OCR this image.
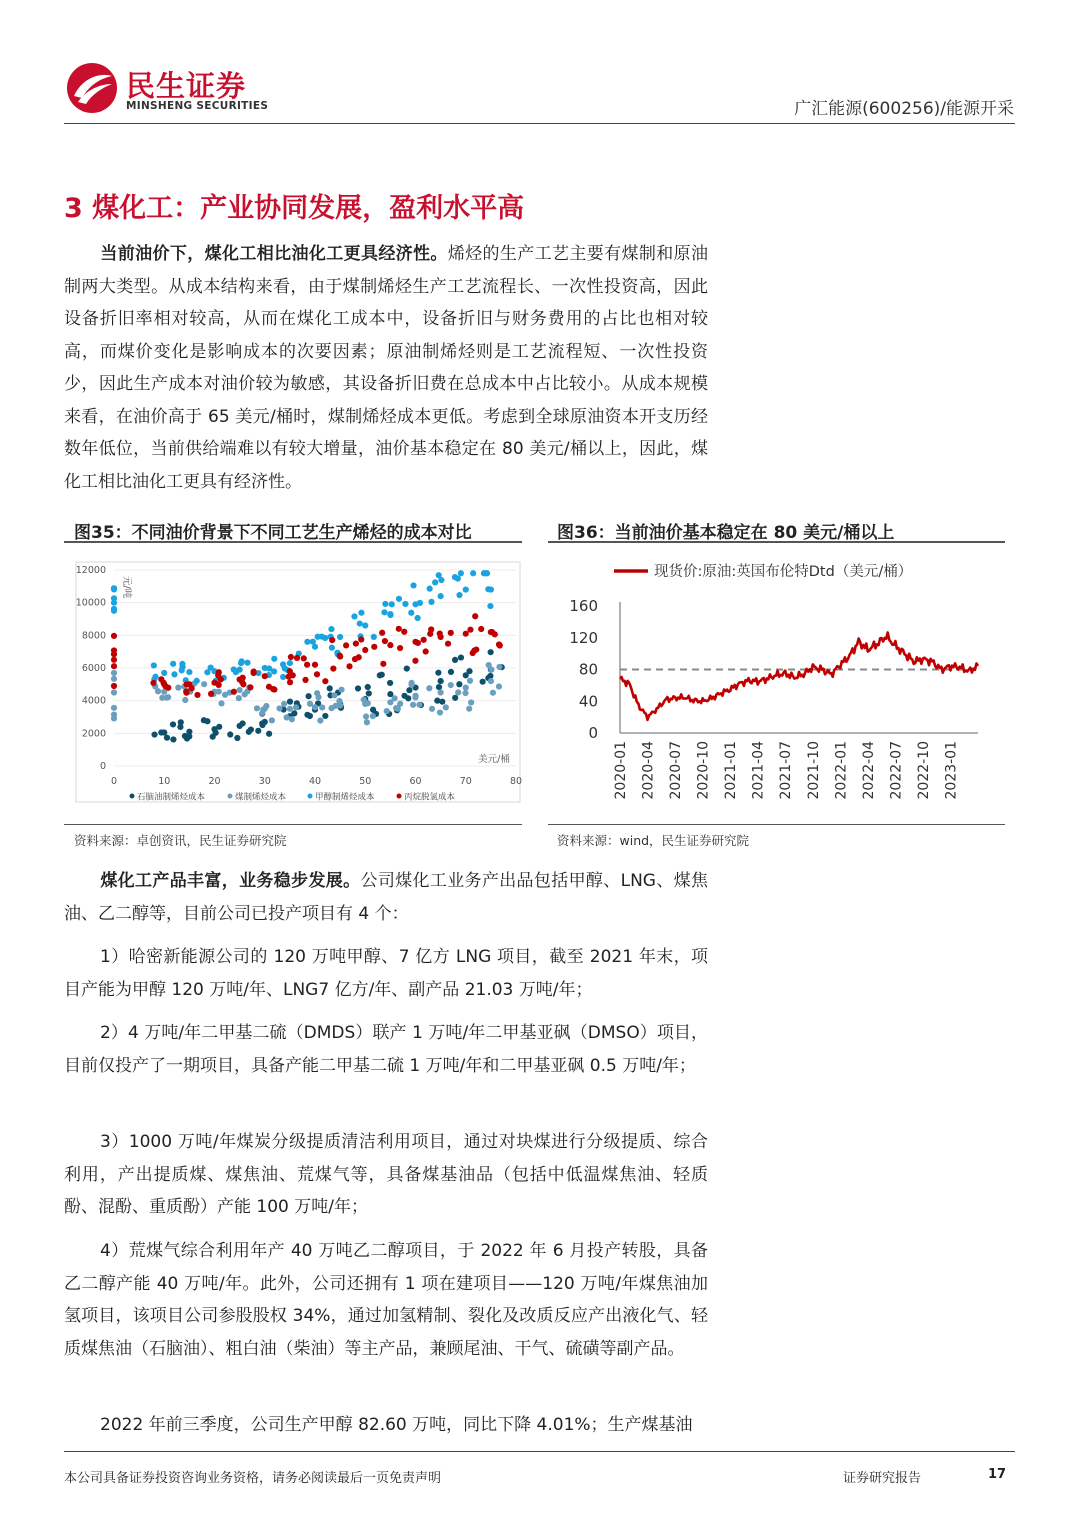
民生证券
MINSHENG SECURITIES	广汇能源(600256)/能源开采
3 煤化工：产业协同发展，盈利水平高
当前油价下，煤化工相比油化工更具经济性。烯烃的生产工艺主要有煤制和原油制两大类型。从成本结构来看，由于煤制烯烃生产工艺流程长、一次性投资高，因此设备折旧率相对较高，从而在煤化工成本中，设备折旧与财务费用的占比也相对较高，而煤价变化是影响成本的次要因素；原油制烯烃则是工艺流程短、一次性投资少，因此生产成本对油价较为敏感，其设备折旧费在总成本中占比较小。从成本规模来看，在油价高于 65 美元/桶时，煤制烯烃成本更低。考虑到全球原油资本开支历经数年低位，当前供给端难以有较大增量，油价基本稳定在 80 美元/桶以上，因此，煤化工相比油化工更具有经济性。
图35：不同油价背景下不同工艺生产烯烃的成本对比
0
2000
4000
6000
8000
10000
12000
0	10	20	30	40	50	60	70	80
元/吨
美元/桶
石脑油制烯烃成本	煤制烯烃成本	甲醇制烯烃成本	丙烷脱氢成本
资料来源：卓创资讯，民生证券研究院
图36：当前油价基本稳定在 80 美元/桶以上
现货价:原油:英国布伦特Dtd（美元/桶）
0
40
80
120
160
2020-01 2020-04 2020-07 2020-10 2021-01 2021-04 2021-07 2021-10 2022-01 2022-04 2022-07 2022-10 2023-01
资料来源：wind，民生证券研究院
煤化工产品丰富，业务稳步发展。公司煤化工业务产出品包括甲醇、LNG、煤焦油、乙二醇等，目前公司已投产项目有 4 个：
1）哈密新能源公司的 120 万吨甲醇、7 亿方 LNG 项目，截至 2021 年末，项目产能为甲醇 120 万吨/年、LNG7 亿方/年、副产品 21.03 万吨/年；
2）4 万吨/年二甲基二硫（DMDS）联产 1 万吨/年二甲基亚砜（DMSO）项目，目前仅投产了一期项目，具备产能二甲基二硫 1 万吨/年和二甲基亚砜 0.5 万吨/年；
3）1000 万吨/年煤炭分级提质清洁利用项目，通过对块煤进行分级提质、综合利用，产出提质煤、煤焦油、荒煤气等，具备煤基油品（包括中低温煤焦油、轻质酚、混酚、重质酚）产能 100 万吨/年；
4）荒煤气综合利用年产 40 万吨乙二醇项目，于 2022 年 6 月投产转股，具备乙二醇产能 40 万吨/年。此外，公司还拥有 1 项在建项目——120 万吨/年煤焦油加氢项目，该项目公司参股股权 34%，通过加氢精制、裂化及改质反应产出液化气、轻质煤焦油（石脑油）、粗白油（柴油）等主产品，兼顾尾油、干气、硫磺等副产品。
2022 年前三季度，公司生产甲醇 82.60 万吨，同比下降 4.01%；生产煤基油
本公司具备证券投资咨询业务资格，请务必阅读最后一页免责声明	证券研究报告	17
